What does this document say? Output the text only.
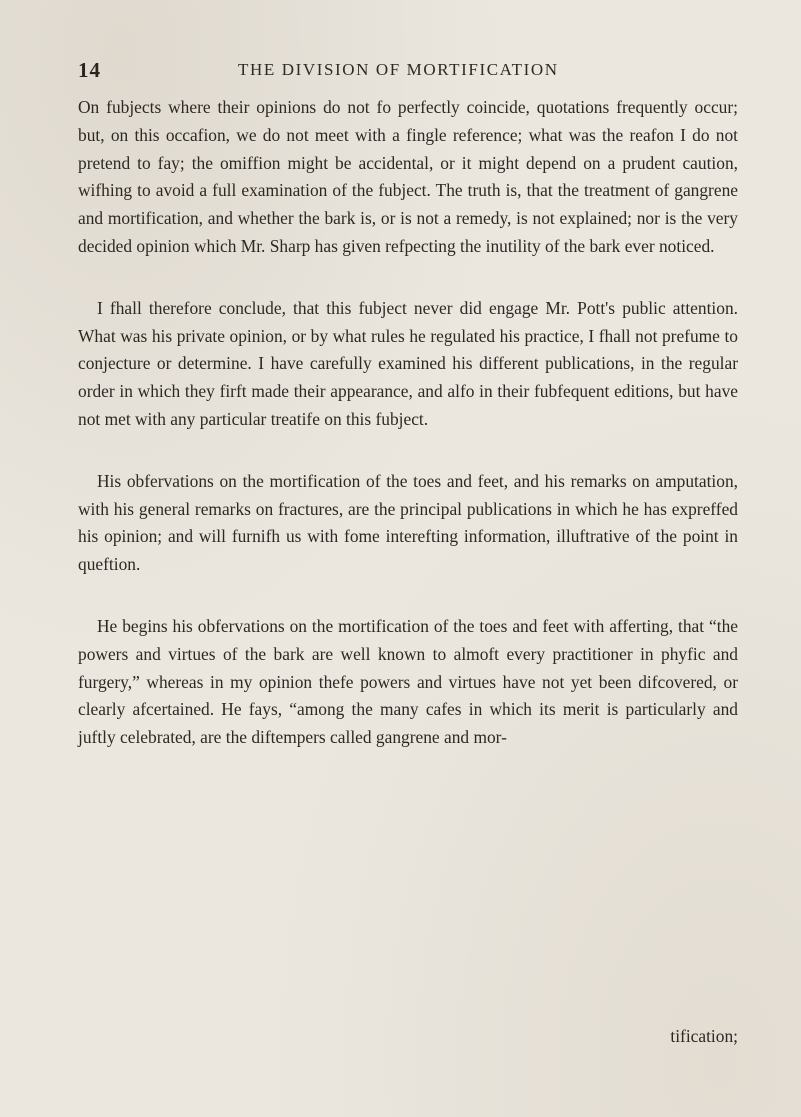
14	THE DIVISION OF MORTIFICATION

On fubjects where their opinions do not fo perfectly coincide, quotations frequently occur; but, on this occafion, we do not meet with a fingle reference; what was the reafon I do not pretend to fay; the omiffion might be accidental, or it might depend on a prudent caution, wifhing to avoid a full examination of the fubject. The truth is, that the treatment of gangrene and mortification, and whether the bark is, or is not a remedy, is not explained; nor is the very decided opinion which Mr. Sharp has given refpecting the inutility of the bark ever noticed.

I fhall therefore conclude, that this fubject never did engage Mr. Pott's public attention. What was his private opinion, or by what rules he regulated his practice, I fhall not prefume to conjecture or determine. I have carefully examined his different publications, in the regular order in which they firft made their appearance, and alfo in their fubfequent editions, but have not met with any particular treatife on this fubject.

His obfervations on the mortification of the toes and feet, and his remarks on amputation, with his general remarks on fractures, are the principal publications in which he has expreffed his opinion; and will furnifh us with fome interefting information, illuftrative of the point in queftion.

He begins his obfervations on the mortification of the toes and feet with afferting, that “the powers and virtues of the bark are well known to almoft every practitioner in phyfic and furgery,” whereas in my opinion thefe powers and virtues have not yet been difcovered, or clearly afcertained. He fays, “among the many cafes in which its merit is particularly and juftly celebrated, are the diftempers called gangrene and mor-

tification;
